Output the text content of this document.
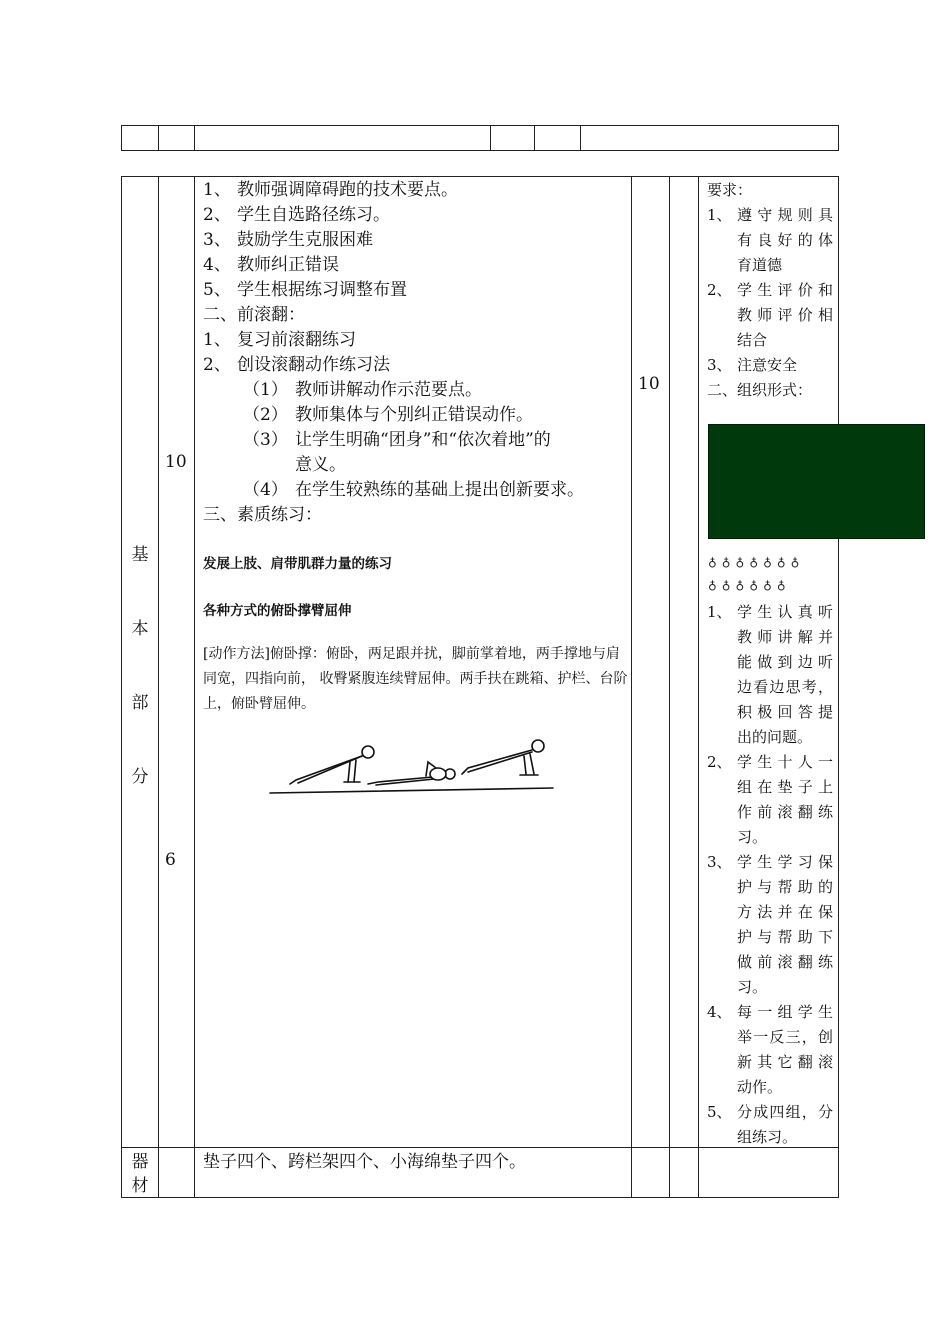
基
本
部
分
器
材
10
6
10
1、 教师强调障碍跑的技术要点。
2、 学生自选路径练习。
3、 鼓励学生克服困难
4、 教师纠正错误
5、 学生根据练习调整布置
二、前滚翻：
1、 复习前滚翻练习
2、 创设滚翻动作练习法
（1） 教师讲解动作示范要点。
（2） 教师集体与个别纠正错误动作。
（3） 让学生明确“团身”和“依次着地”的
意义。
（4） 在学生较熟练的基础上提出创新要求。
三、素质练习：
发展上肢、肩带肌群力量的练习
各种方式的俯卧撑臂屈伸
[动作方法]俯卧撑：俯卧，两足跟并扰，脚前掌着地，两手撑地与肩同宽，四指向前， 收臀紧腹连续臂屈伸。两手扶在跳箱、护栏、台阶上，俯卧臂屈伸。
要求：
1、 遵守规则具
有良好的体
育道德
2、 学生评价和
教师评价相
结合
3、 注意安全
二、组织形式：
♁♁♁♁♁♁♁
♁♁♁♁♁♁
1、 学生认真听
教师讲解并
能做到边听
边看边思考，
积极回答提
出的问题。
2、 学生十人一
组在垫子上
作前滚翻练
习。
3、 学生学习保
护与帮助的
方法并在保
护与帮助下
做前滚翻练
习。
4、 每一组学生
举一反三，创
新其它翻滚
动作。
5、 分成四组，分
组练习。
垫子四个、跨栏架四个、小海绵垫子四个。
